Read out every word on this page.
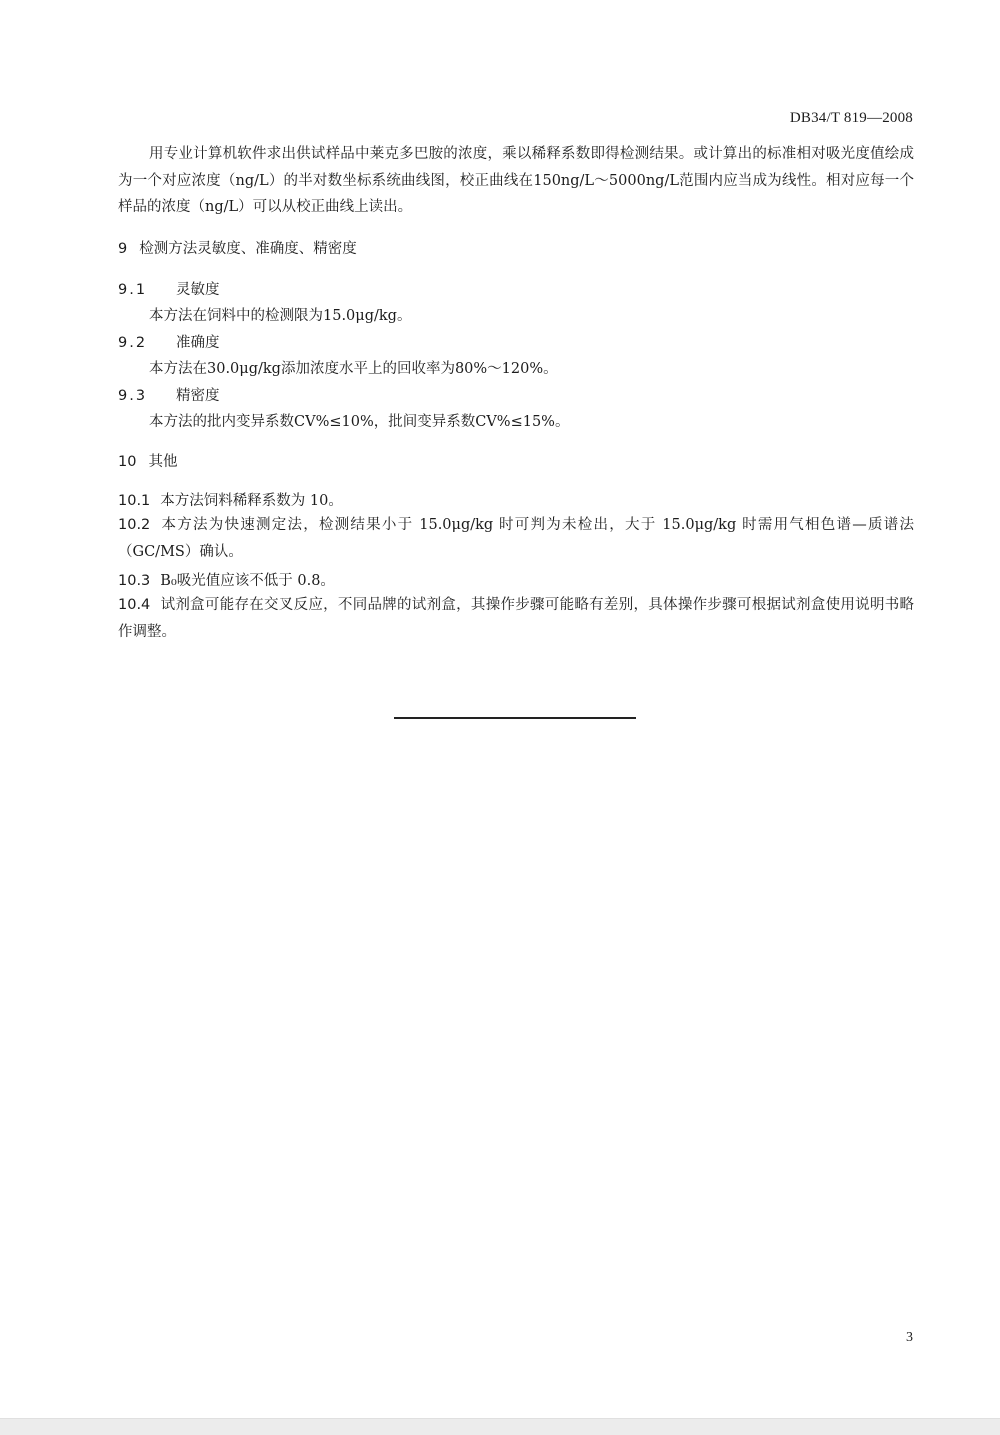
DB34/T 819—2008
用专业计算机软件求出供试样品中莱克多巴胺的浓度，乘以稀释系数即得检测结果。或计算出的标准相对吸光度值绘成为一个对应浓度（ng/L）的半对数坐标系统曲线图，校正曲线在150ng/L～5000ng/L范围内应当成为线性。相对应每一个样品的浓度（ng/L）可以从校正曲线上读出。
9 检测方法灵敏度、准确度、精密度
9.1 灵敏度
本方法在饲料中的检测限为15.0μg/kg。
9.2 准确度
本方法在30.0μg/kg添加浓度水平上的回收率为80%～120%。
9.3 精密度
本方法的批内变异系数CV%≤10%，批间变异系数CV%≤15%。
10 其他
10.1 本方法饲料稀释系数为 10。
10.2 本方法为快速测定法，检测结果小于 15.0μg/kg 时可判为未检出，大于 15.0μg/kg 时需用气相色谱—质谱法（GC/MS）确认。
10.3 B₀吸光值应该不低于 0.8。
10.4 试剂盒可能存在交叉反应，不同品牌的试剂盒，其操作步骤可能略有差别，具体操作步骤可根据试剂盒使用说明书略作调整。
3
